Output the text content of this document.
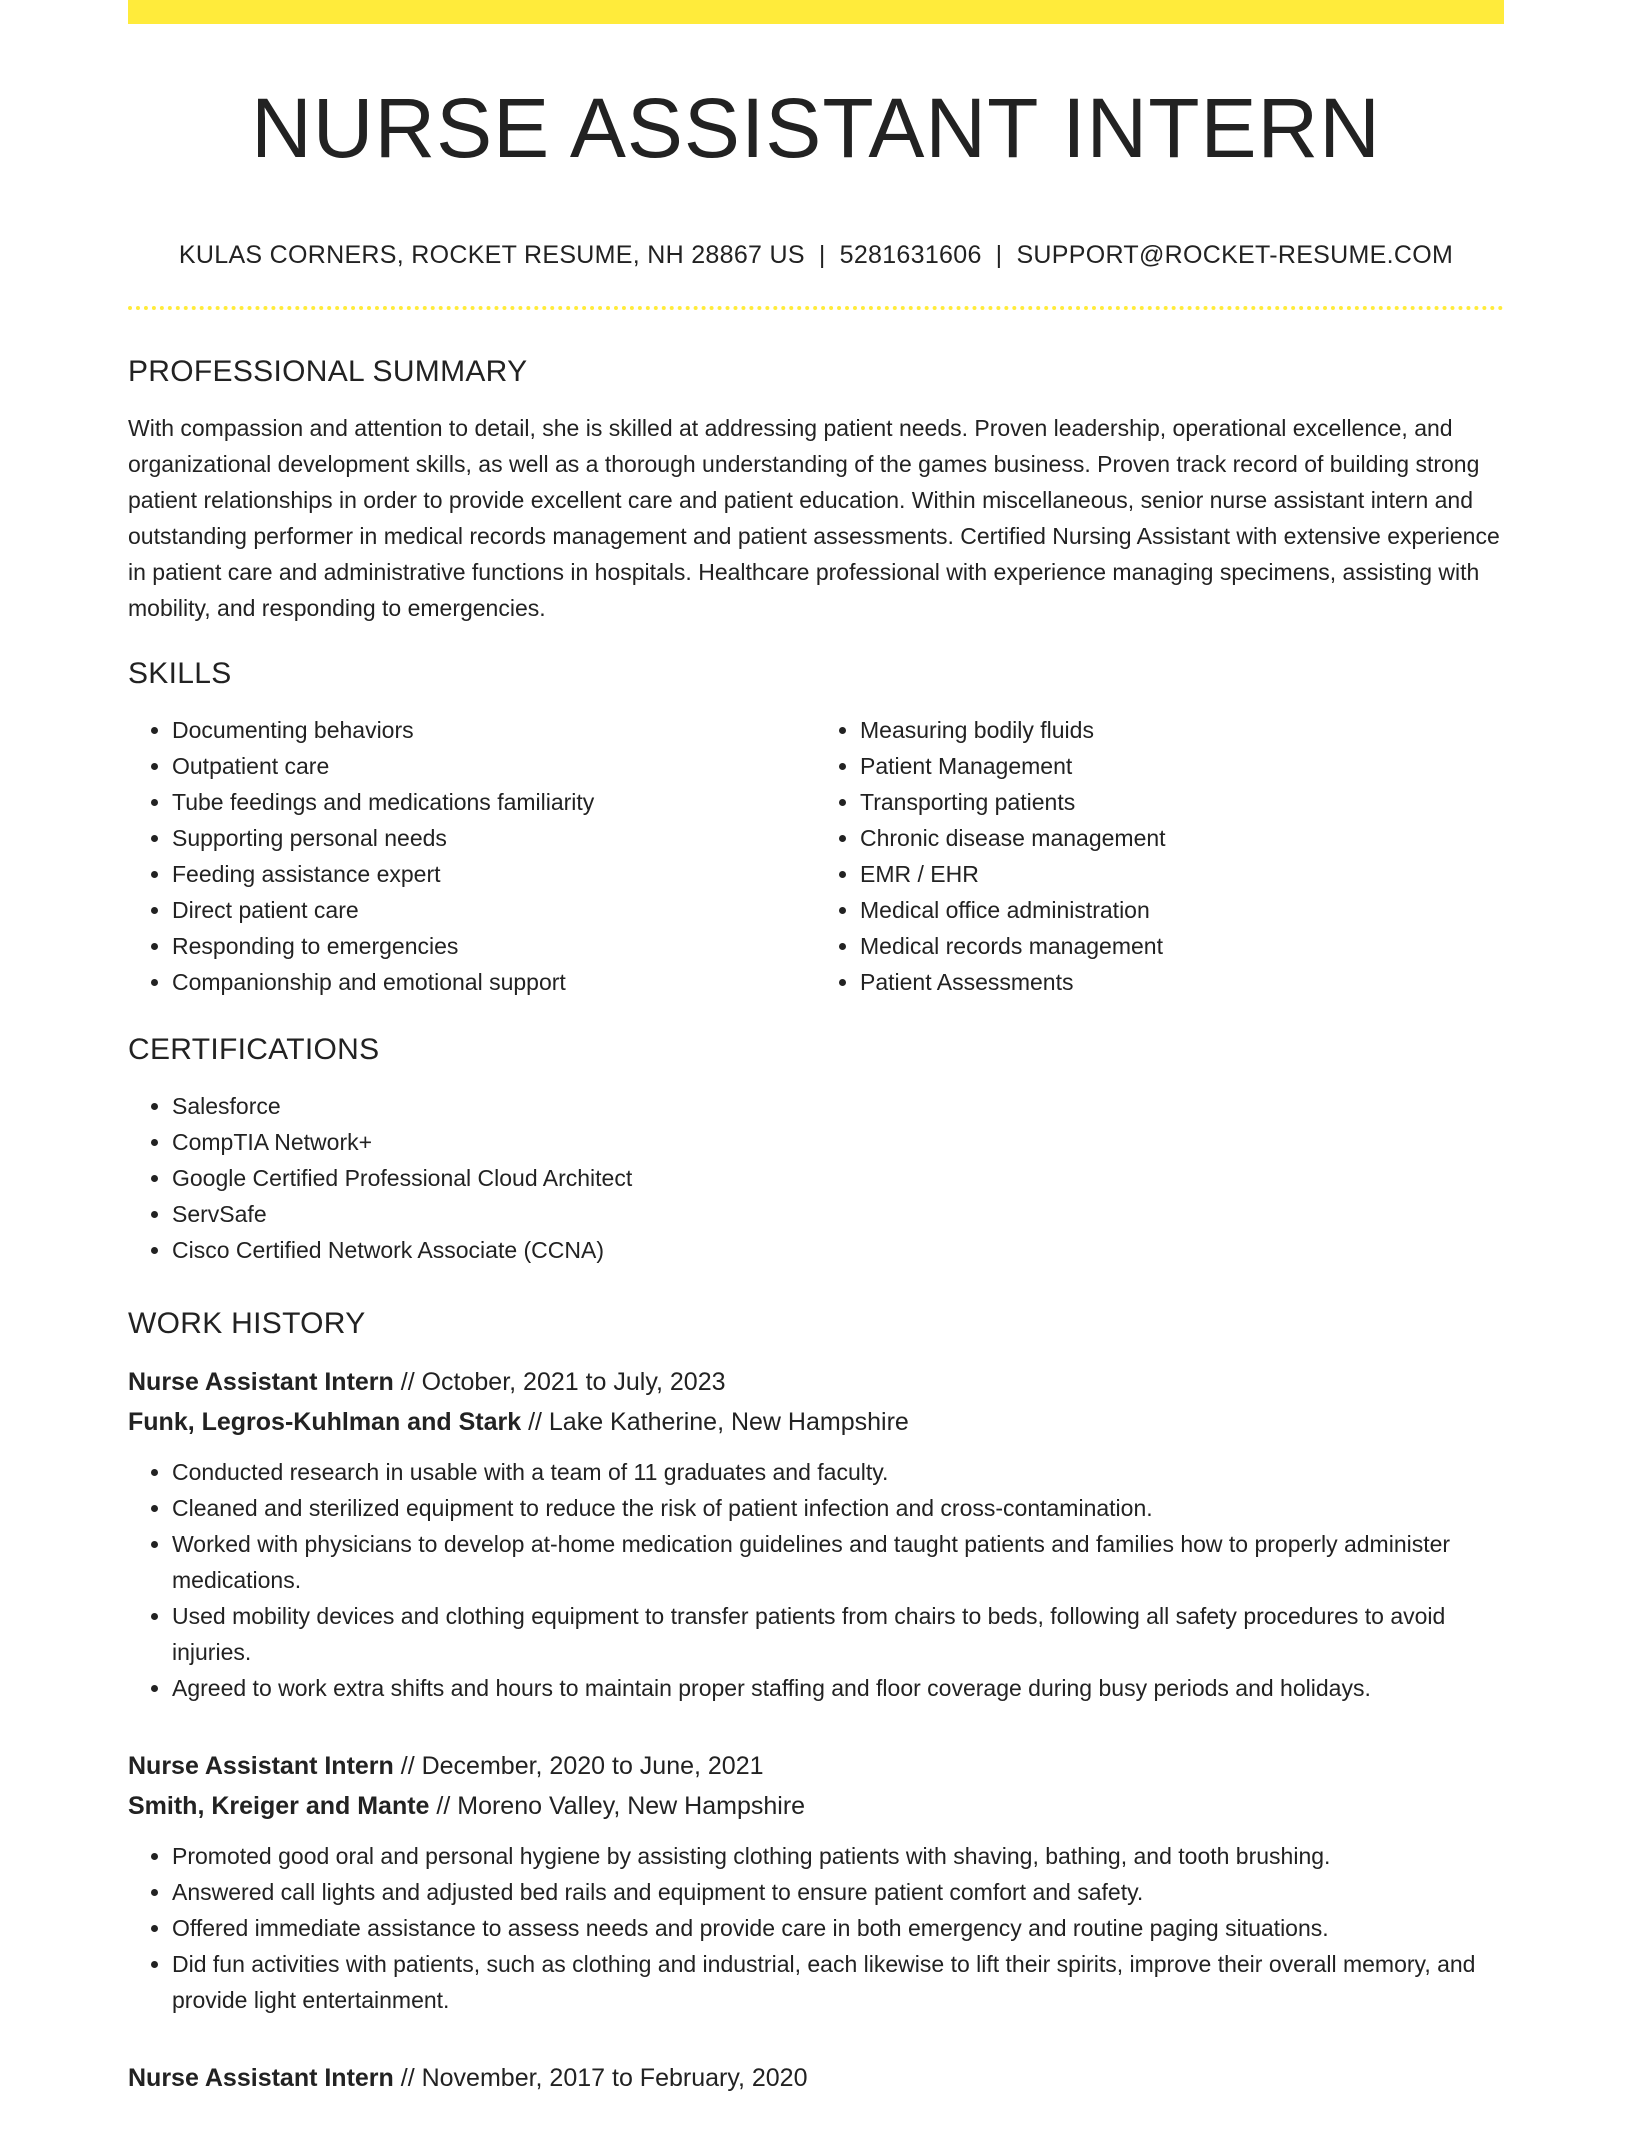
NURSE ASSISTANT INTERN
KULAS CORNERS, ROCKET RESUME, NH 28867 US | 5281631606 | SUPPORT@ROCKET-RESUME.COM
PROFESSIONAL SUMMARY

With compassion and attention to detail, she is skilled at addressing patient needs. Proven leadership, operational excellence, and organizational development skills, as well as a thorough understanding of the games business. Proven track record of building strong patient relationships in order to provide excellent care and patient education. Within miscellaneous, senior nurse assistant intern and outstanding performer in medical records management and patient assessments. Certified Nursing Assistant with extensive experience in patient care and administrative functions in hospitals. Healthcare professional with experience managing specimens, assisting with mobility, and responding to emergencies.

SKILLS
• Documenting behaviors
• Outpatient care
• Tube feedings and medications familiarity
• Supporting personal needs
• Feeding assistance expert
• Direct patient care
• Responding to emergencies
• Companionship and emotional support
• Measuring bodily fluids
• Patient Management
• Transporting patients
• Chronic disease management
• EMR / EHR
• Medical office administration
• Medical records management
• Patient Assessments
CERTIFICATIONS
• Salesforce
• CompTIA Network+
• Google Certified Professional Cloud Architect
• ServSafe
• Cisco Certified Network Associate (CCNA)
WORK HISTORY
Nurse Assistant Intern // October, 2021 to July, 2023
Funk, Legros-Kuhlman and Stark // Lake Katherine, New Hampshire
• Conducted research in usable with a team of 11 graduates and faculty.
• Cleaned and sterilized equipment to reduce the risk of patient infection and cross-contamination.
• Worked with physicians to develop at-home medication guidelines and taught patients and families how to properly administer medications.
• Used mobility devices and clothing equipment to transfer patients from chairs to beds, following all safety procedures to avoid injuries.
• Agreed to work extra shifts and hours to maintain proper staffing and floor coverage during busy periods and holidays.
Nurse Assistant Intern // December, 2020 to June, 2021
Smith, Kreiger and Mante // Moreno Valley, New Hampshire
• Promoted good oral and personal hygiene by assisting clothing patients with shaving, bathing, and tooth brushing.
• Answered call lights and adjusted bed rails and equipment to ensure patient comfort and safety.
• Offered immediate assistance to assess needs and provide care in both emergency and routine paging situations.
• Did fun activities with patients, such as clothing and industrial, each likewise to lift their spirits, improve their overall memory, and provide light entertainment.
Nurse Assistant Intern // November, 2017 to February, 2020
